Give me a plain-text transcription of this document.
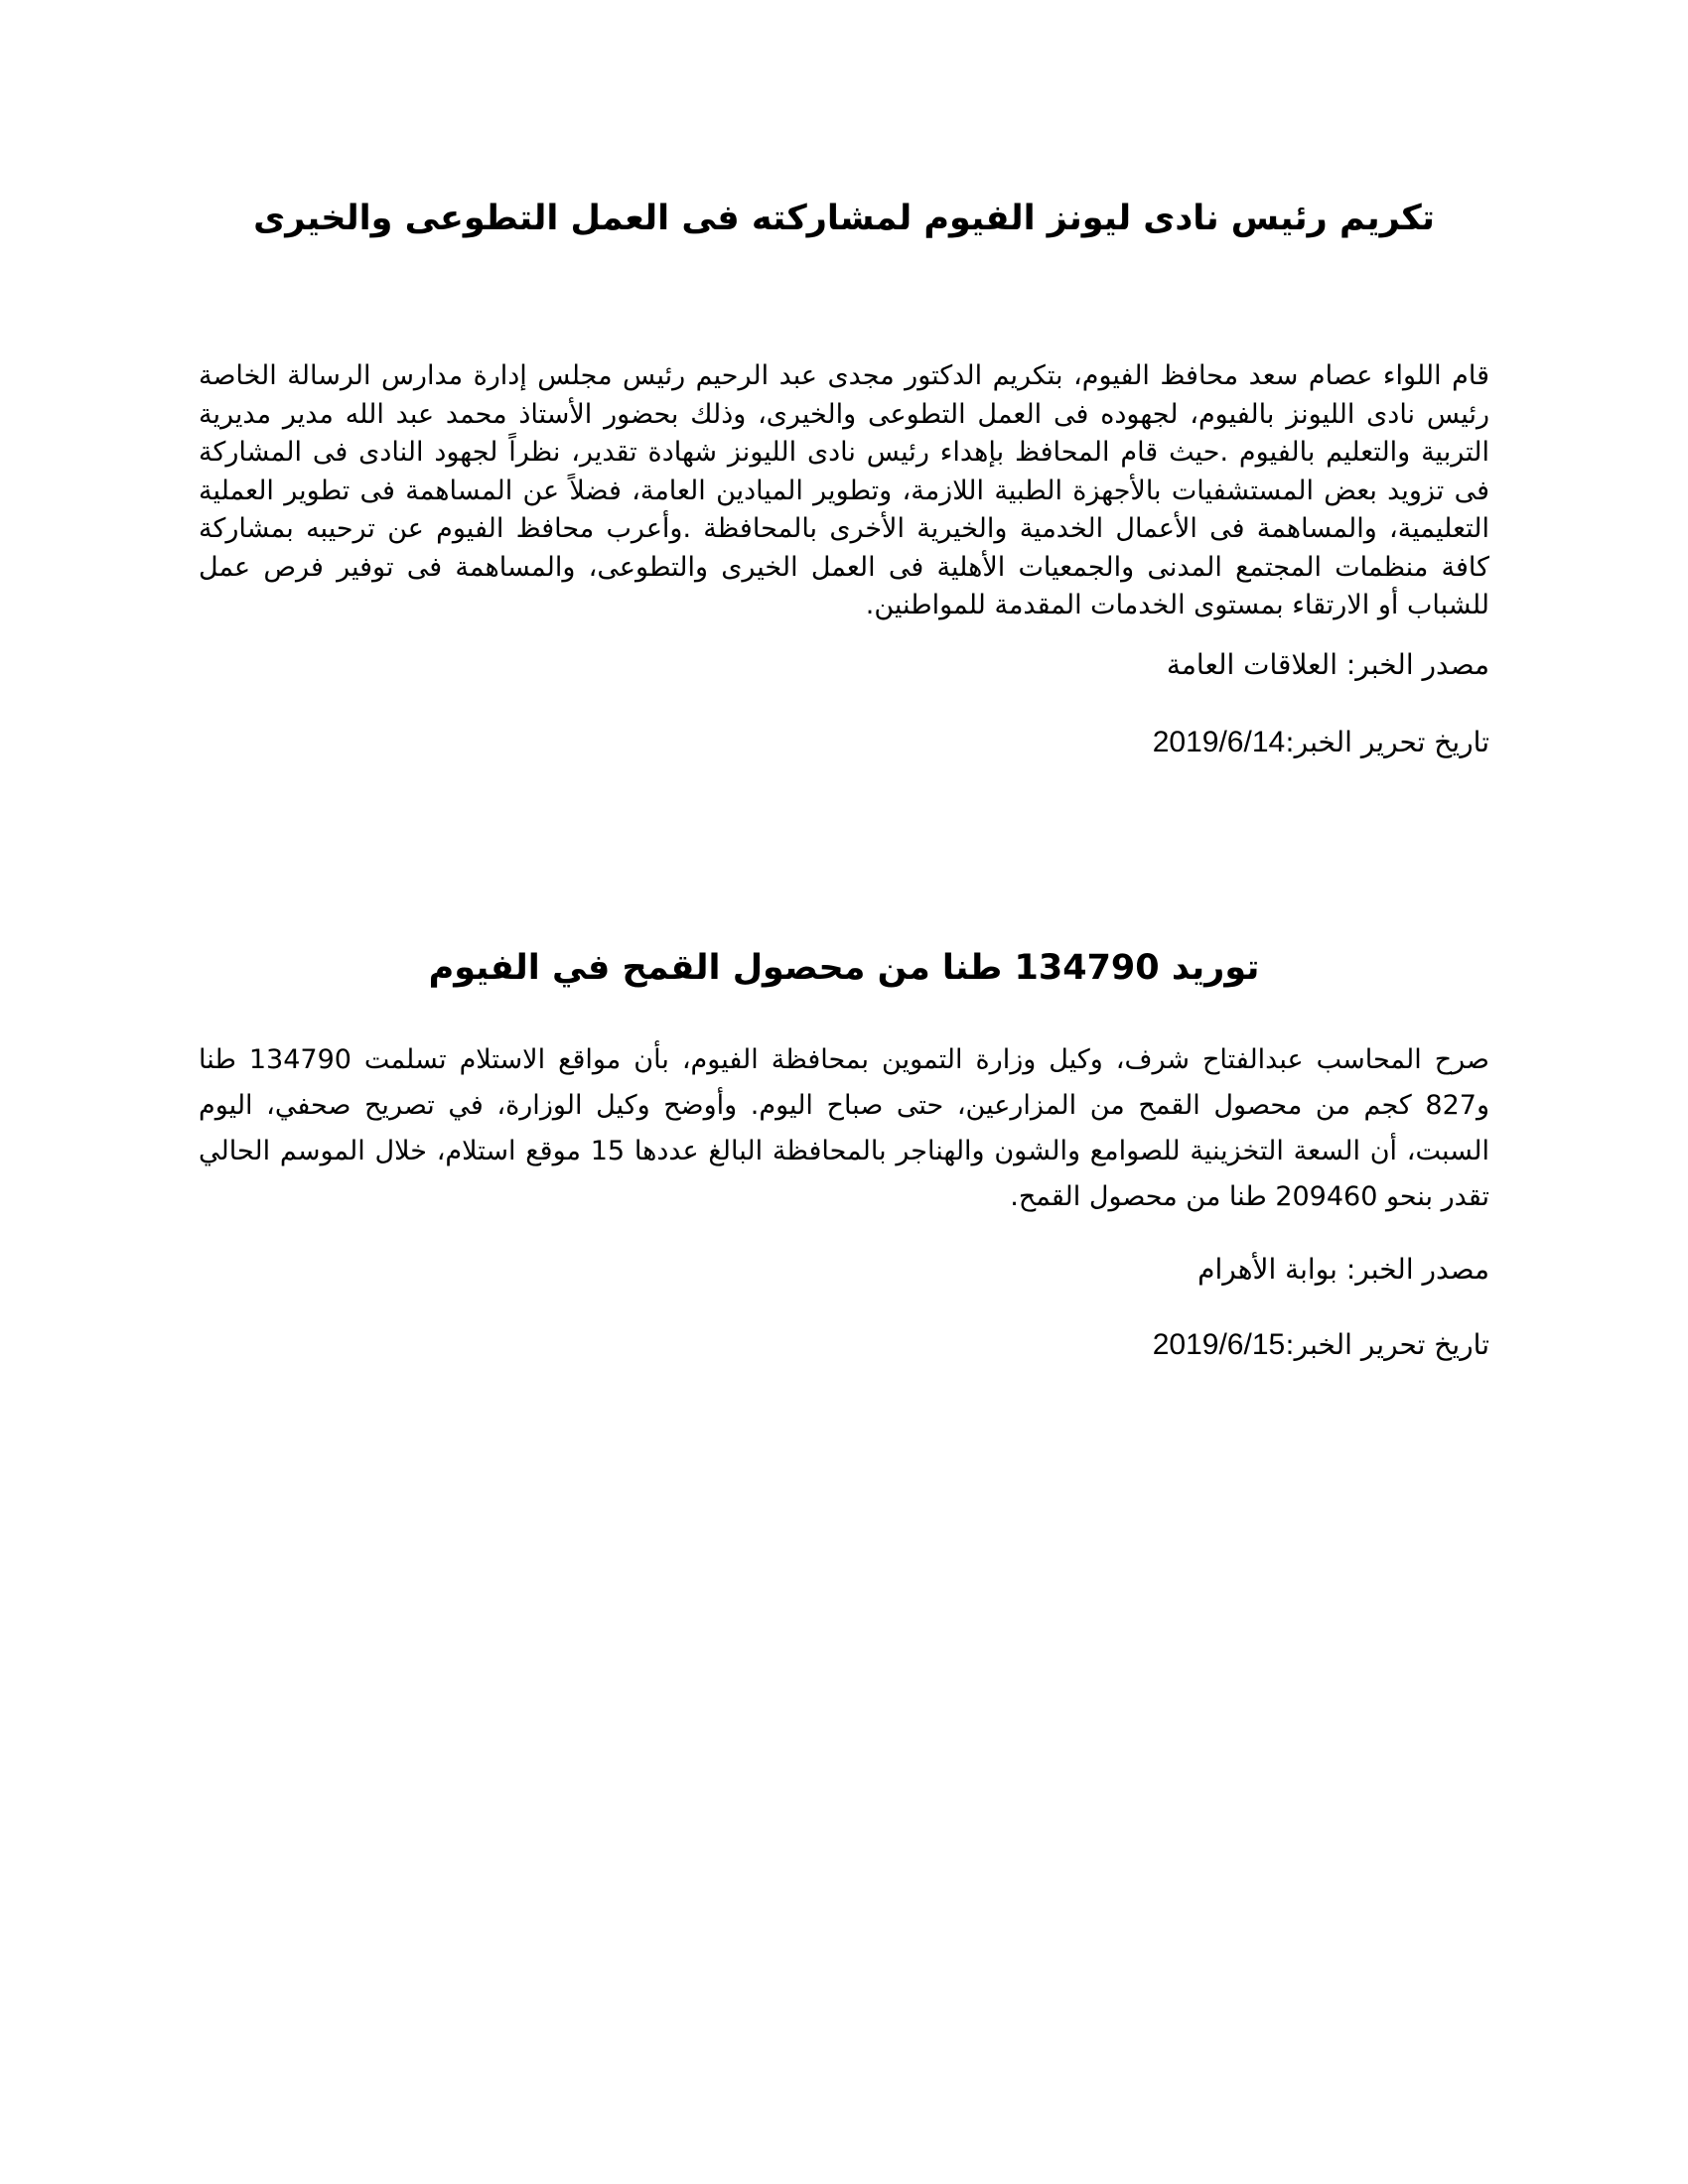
تكريم رئيس نادى ليونز الفيوم لمشاركته فى العمل التطوعى والخيرى

قام اللواء عصام سعد محافظ الفيوم، بتكريم الدكتور مجدى عبد الرحيم رئيس مجلس إدارة مدارس الرسالة الخاصة رئيس نادى الليونز بالفيوم، لجهوده فى العمل التطوعى والخيرى، وذلك بحضور الأستاذ محمد عبد الله مدير مديرية التربية والتعليم بالفيوم .حيث قام المحافظ بإهداء رئيس نادى الليونز شهادة تقدير، نظراً لجهود النادى فى المشاركة فى تزويد بعض المستشفيات بالأجهزة الطبية اللازمة، وتطوير الميادين العامة، فضلاً عن المساهمة فى تطوير العملية التعليمية، والمساهمة فى الأعمال الخدمية والخيرية الأخرى بالمحافظة .وأعرب محافظ الفيوم عن ترحيبه بمشاركة كافة منظمات المجتمع المدنى والجمعيات الأهلية فى العمل الخيرى والتطوعى، والمساهمة فى توفير فرص عمل للشباب أو الارتقاء بمستوى الخدمات المقدمة للمواطنين.

مصدر الخبر: العلاقات العامة

تاريخ تحرير الخبر:2019/6/14

توريد 134790 طنا من محصول القمح في الفيوم

صرح المحاسب عبدالفتاح شرف، وكيل وزارة التموين بمحافظة الفيوم، بأن مواقع الاستلام تسلمت 134790 طنا و827 كجم من محصول القمح من المزارعين، حتى صباح اليوم. وأوضح وكيل الوزارة، في تصريح صحفي، اليوم السبت، أن السعة التخزينية للصوامع والشون والهناجر بالمحافظة البالغ عددها 15 موقع استلام، خلال الموسم الحالي تقدر بنحو 209460 طنا من محصول القمح.

مصدر الخبر: بوابة الأهرام

تاريخ تحرير الخبر:2019/6/15
